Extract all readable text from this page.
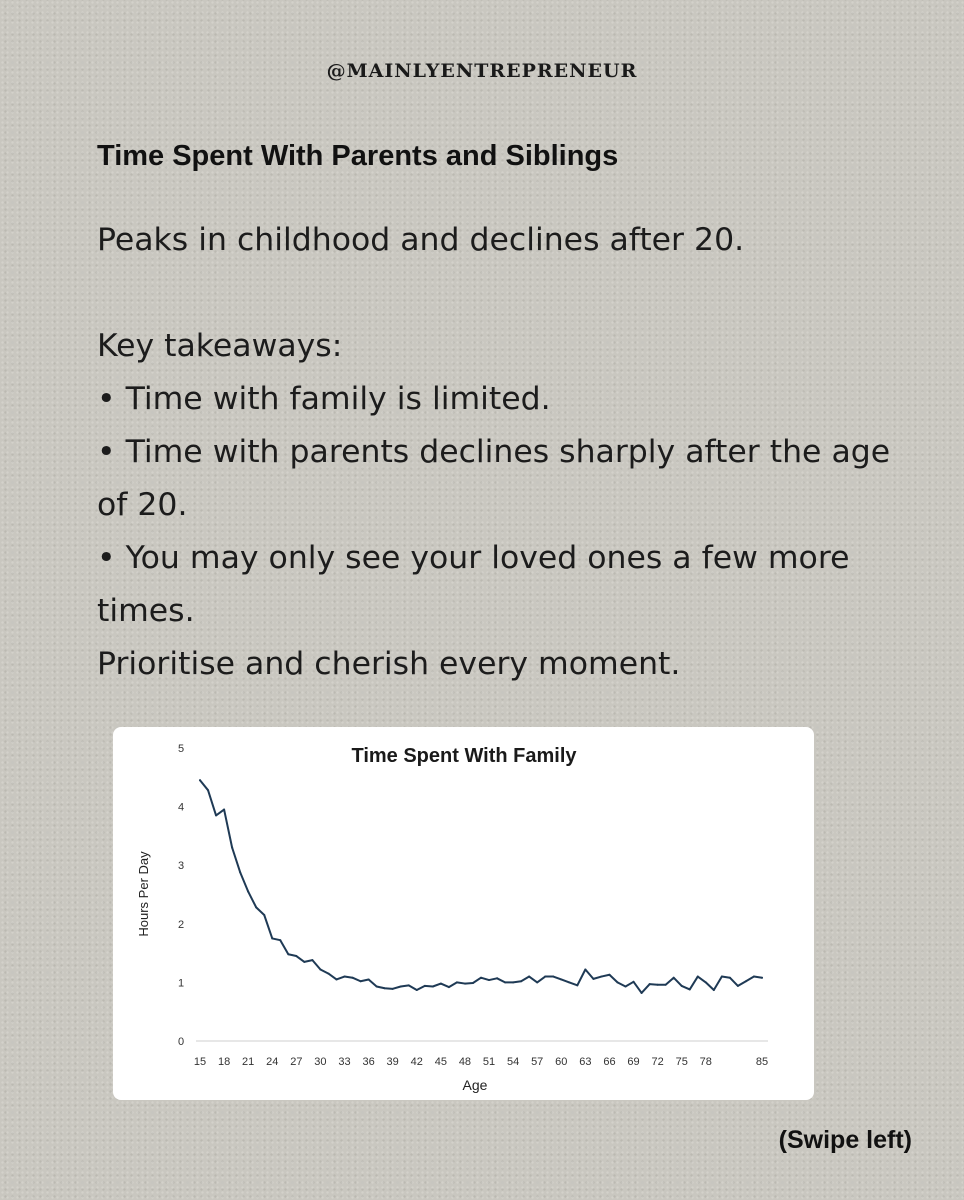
@MAINLYENTREPRENEUR
Time Spent With Parents and Siblings

Peaks in childhood and declines after 20.

Key takeaways:

• Time with family is limited.

• Time with parents declines sharply after the age of 20.

• You may only see your loved ones a few more times.

Prioritise and cherish every moment.

Time Spent With Family
0
1
2
3
4
5
15 18 21 24 27 30 33 36 39 42 45 48 51 54 57 60 63 66 69 72 75 78	85
Hours Per Day
Age
(Swipe left)
